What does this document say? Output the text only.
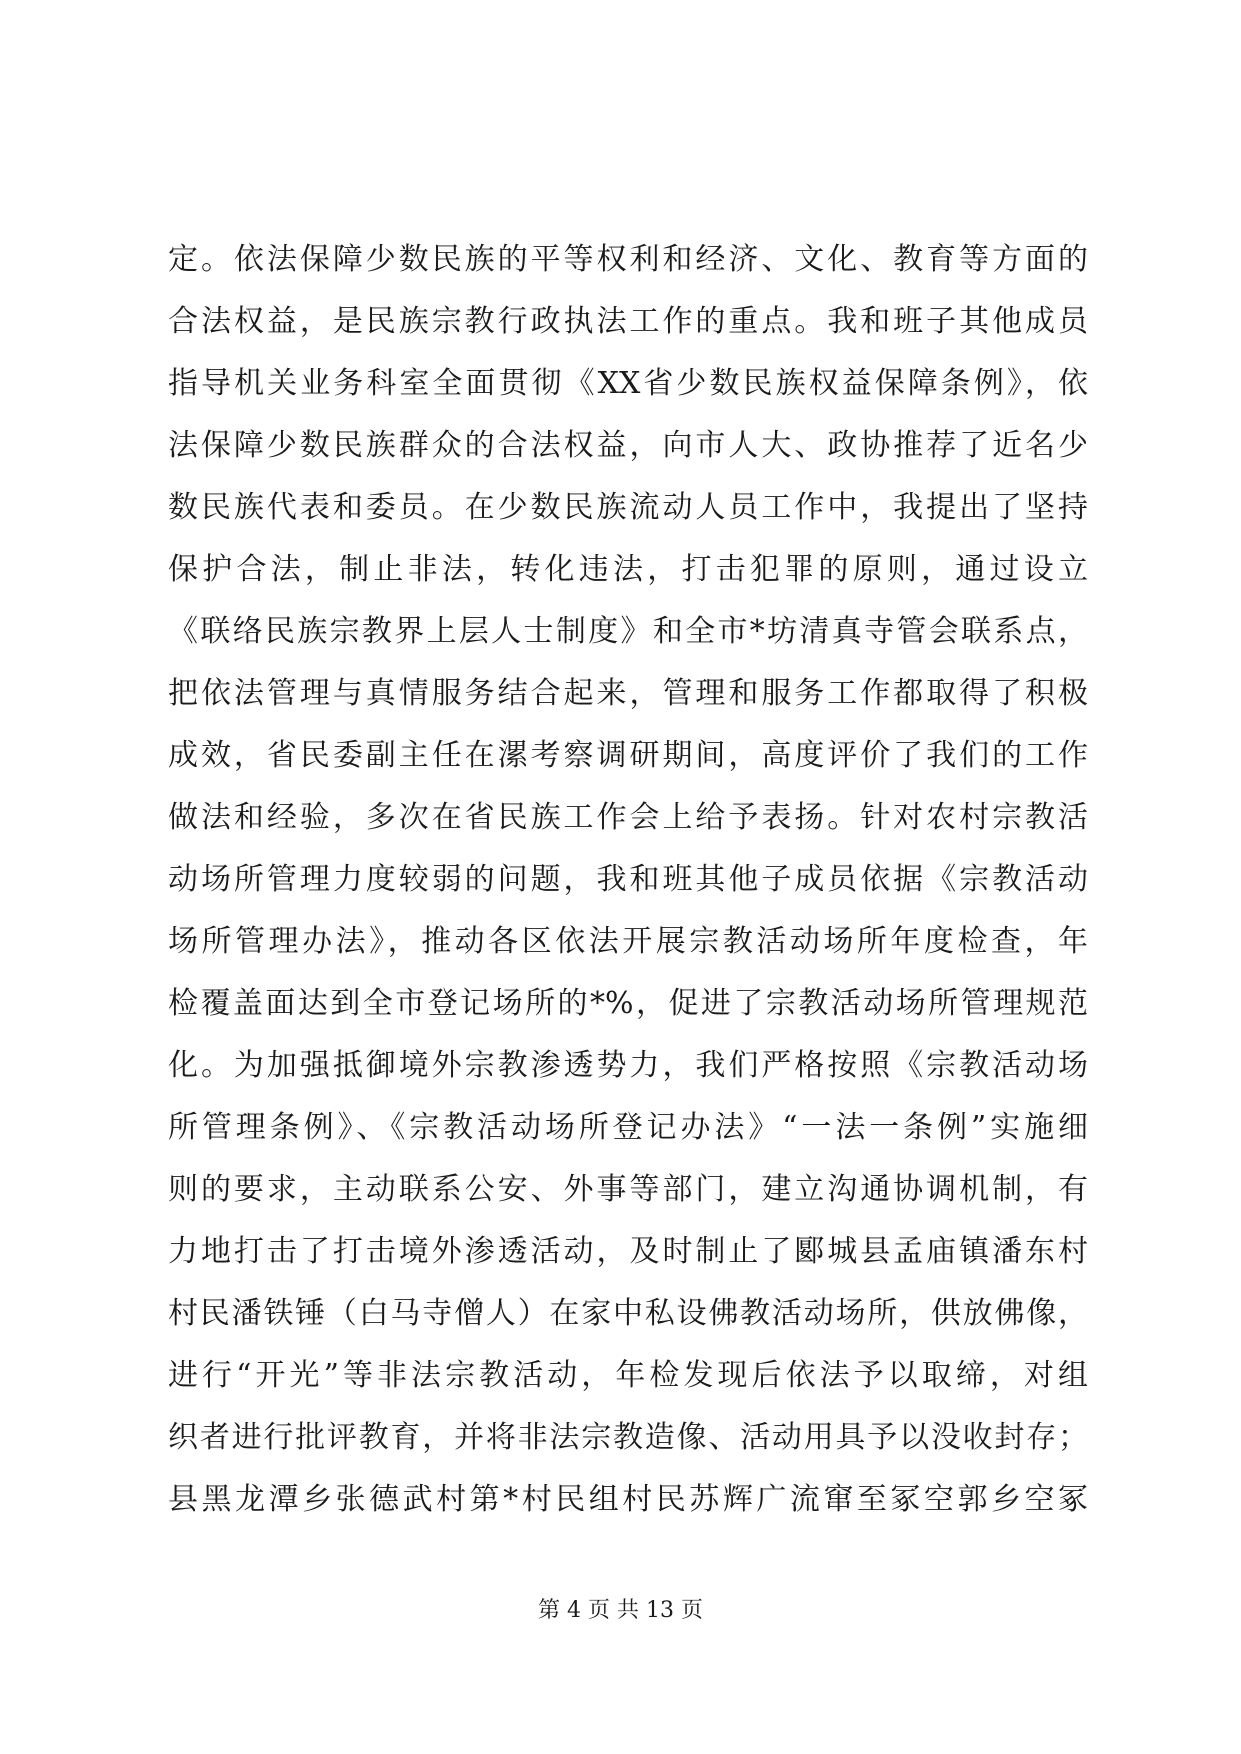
定。依法保障少数民族的平等权利和经济、文化、教育等方面的
合法权益，是民族宗教行政执法工作的重点。我和班子其他成员
指导机关业务科室全面贯彻《XX省少数民族权益保障条例》，依
法保障少数民族群众的合法权益，向市人大、政协推荐了近名少
数民族代表和委员。在少数民族流动人员工作中，我提出了坚持
保护合法，制止非法，转化违法，打击犯罪的原则，通过设立
《联络民族宗教界上层人士制度》和全市*坊清真寺管会联系点，
把依法管理与真情服务结合起来，管理和服务工作都取得了积极
成效，省民委副主任在漯考察调研期间，高度评价了我们的工作
做法和经验，多次在省民族工作会上给予表扬。针对农村宗教活
动场所管理力度较弱的问题，我和班其他子成员依据《宗教活动
场所管理办法》，推动各区依法开展宗教活动场所年度检查，年
检覆盖面达到全市登记场所的*%，促进了宗教活动场所管理规范
化。为加强抵御境外宗教渗透势力，我们严格按照《宗教活动场
所管理条例》、《宗教活动场所登记办法》“一法一条例”实施细
则的要求，主动联系公安、外事等部门，建立沟通协调机制，有
力地打击了打击境外渗透活动，及时制止了郾城县孟庙镇潘东村
村民潘铁锤（白马寺僧人）在家中私设佛教活动场所，供放佛像，
进行“开光”等非法宗教活动，年检发现后依法予以取缔，对组
织者进行批评教育，并将非法宗教造像、活动用具予以没收封存；
县黑龙潭乡张德武村第*村民组村民苏辉广流窜至冢空郭乡空冢
第 4 页 共 13 页
